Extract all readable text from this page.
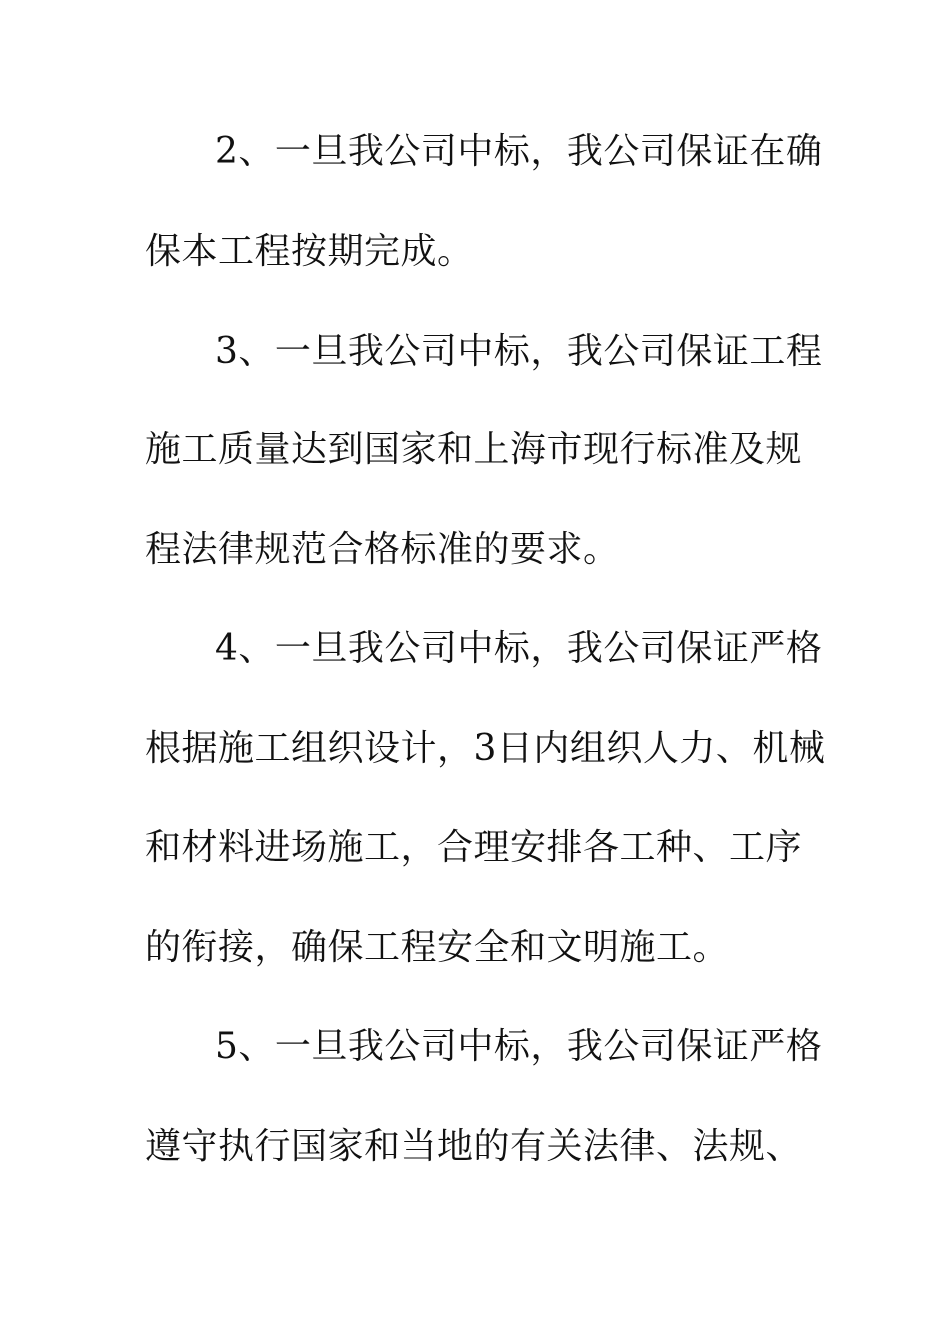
2、一旦我公司中标，我公司保证在确
保本工程按期完成。
3、一旦我公司中标，我公司保证工程
施工质量达到国家和上海市现行标准及规
程法律规范合格标准的要求。
4、一旦我公司中标，我公司保证严格
根据施工组织设计，3日内组织人力、机械
和材料进场施工，合理安排各工种、工序
的衔接，确保工程安全和文明施工。
5、一旦我公司中标，我公司保证严格
遵守执行国家和当地的有关法律、法规、
